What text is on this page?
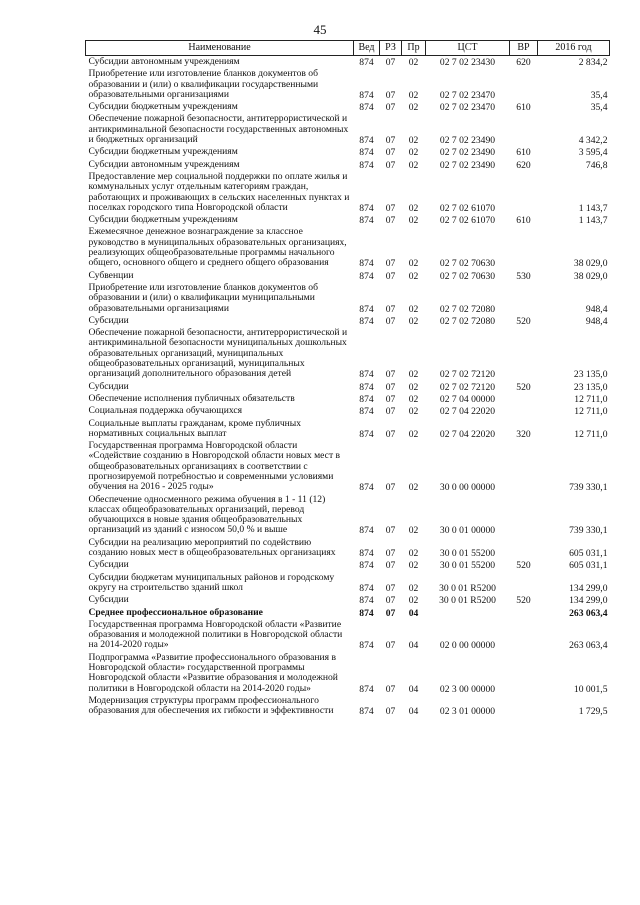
45
Наименование	Вед	РЗ	Пр	ЦСТ	ВР	2016 год
Субсидии автономным учреждениям	874	07	02	02 7 02 23430	620	2 834,2
Приобретение или изготовление бланков документов об образовании и (или) о квалификации государственными образовательными организациями	874	07	02	02 7 02 23470		35,4
Субсидии бюджетным учреждениям	874	07	02	02 7 02 23470	610	35,4
Обеспечение пожарной безопасности, антитеррористической и антикриминальной безопасности государственных автономных и бюджетных организаций	874	07	02	02 7 02 23490		4 342,2
Субсидии бюджетным учреждениям	874	07	02	02 7 02 23490	610	3 595,4
Субсидии автономным учреждениям	874	07	02	02 7 02 23490	620	746,8
Предоставление мер социальной поддержки по оплате жилья и коммунальных услуг отдельным категориям граждан, работающих и проживающих в сельских населенных пунктах и поселках городского типа Новгородской области	874	07	02	02 7 02 61070		1 143,7
Субсидии бюджетным учреждениям	874	07	02	02 7 02 61070	610	1 143,7
Ежемесячное денежное вознаграждение за классное руководство в муниципальных образовательных организациях, реализующих общеобразовательные программы начального общего, основного общего и среднего общего образования	874	07	02	02 7 02 70630		38 029,0
Субвенции	874	07	02	02 7 02 70630	530	38 029,0
Приобретение или изготовление бланков документов об образовании и (или) о квалификации муниципальными образовательными организациями	874	07	02	02 7 02 72080		948,4
Субсидии	874	07	02	02 7 02 72080	520	948,4
Обеспечение пожарной безопасности, антитеррористической и антикриминальной безопасности муниципальных дошкольных образовательных организаций, муниципальных общеобразовательных организаций, муниципальных организаций дополнительного образования детей	874	07	02	02 7 02 72120		23 135,0
Субсидии	874	07	02	02 7 02 72120	520	23 135,0
Обеспечение исполнения публичных обязательств	874	07	02	02 7 04 00000		12 711,0
Социальная поддержка обучающихся	874	07	02	02 7 04 22020		12 711,0
Социальные выплаты гражданам, кроме публичных нормативных социальных выплат	874	07	02	02 7 04 22020	320	12 711,0
Государственная программа Новгородской области «Содействие созданию в Новгородской области новых мест в общеобразовательных организациях в соответствии с прогнозируемой потребностью и современными условиями обучения на 2016 - 2025 годы»	874	07	02	30 0 00 00000		739 330,1
Обеспечение односменного режима обучения в 1 - 11 (12) классах общеобразовательных организаций, перевод обучающихся в новые здания общеобразовательных организаций из зданий с износом 50,0 % и выше	874	07	02	30 0 01 00000		739 330,1
Субсидии на реализацию мероприятий по содействию созданию новых мест в общеобразовательных организациях	874	07	02	30 0 01 55200		605 031,1
Субсидии	874	07	02	30 0 01 55200	520	605 031,1
Субсидии бюджетам муниципальных районов и городскому округу на строительство зданий школ	874	07	02	30 0 01 R5200		134 299,0
Субсидии	874	07	02	30 0 01 R5200	520	134 299,0
Среднее профессиональное образование	874	07	04			263 063,4
Государственная программа Новгородской области «Развитие образования и молодежной политики в Новгородской области на 2014-2020 годы»	874	07	04	02 0 00 00000		263 063,4
Подпрограмма «Развитие профессионального образования в Новгородской области» государственной программы Новгородской области «Развитие образования и молодежной политики в Новгородской области на 2014-2020 годы»	874	07	04	02 3 00 00000		10 001,5
Модернизация структуры программ профессионального образования для обеспечения их гибкости и эффективности	874	07	04	02 3 01 00000		1 729,5
